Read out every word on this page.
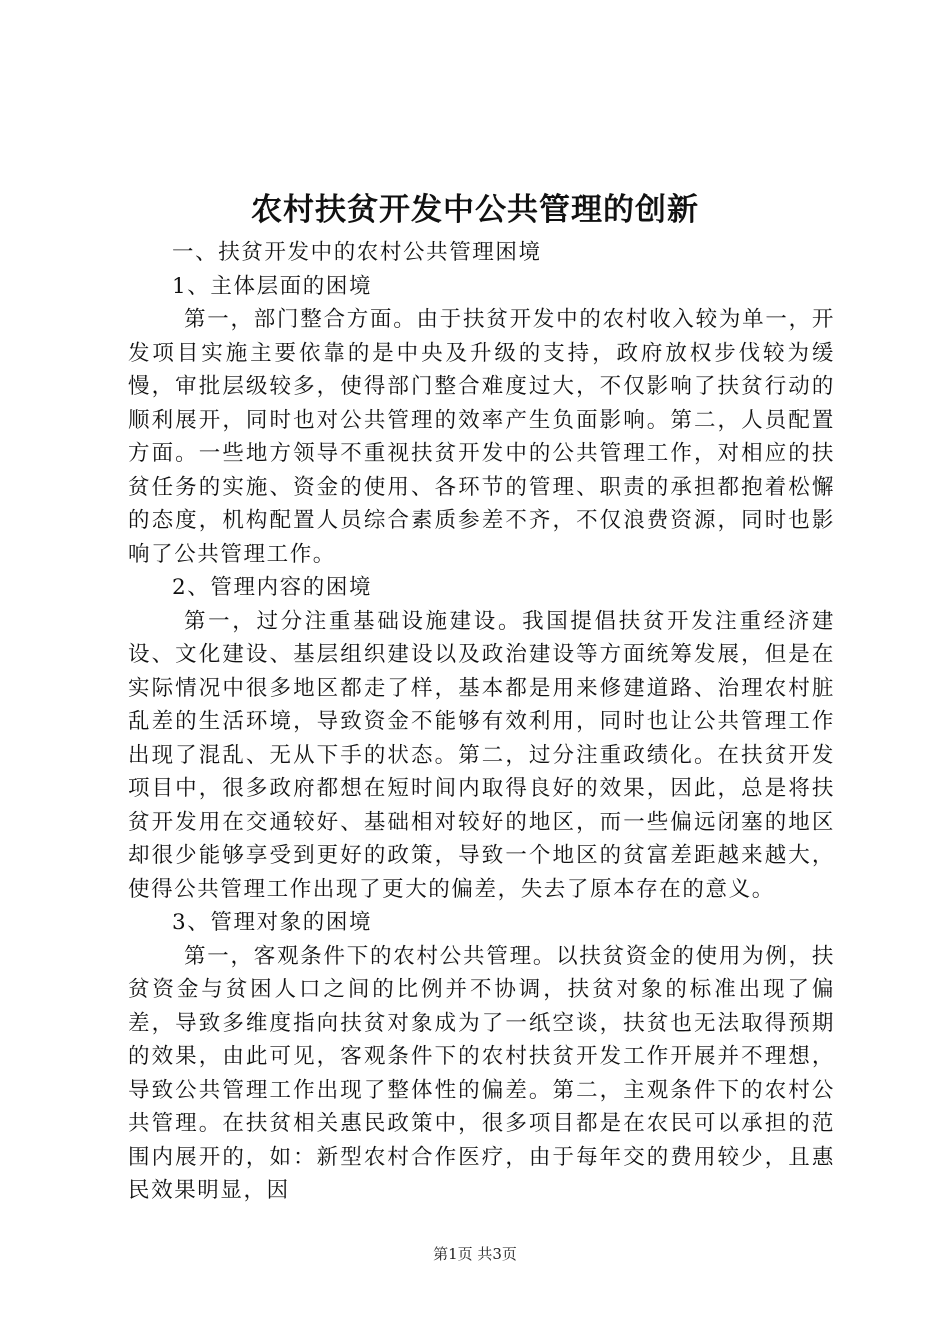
农村扶贫开发中公共管理的创新

一、扶贫开发中的农村公共管理困境

1、主体层面的困境

第一，部门整合方面。由于扶贫开发中的农村收入较为单一，开发项目实施主要依靠的是中央及升级的支持，政府放权步伐较为缓慢，审批层级较多，使得部门整合难度过大，不仅影响了扶贫行动的顺利展开，同时也对公共管理的效率产生负面影响。第二，人员配置方面。一些地方领导不重视扶贫开发中的公共管理工作，对相应的扶贫任务的实施、资金的使用、各环节的管理、职责的承担都抱着松懈的态度，机构配置人员综合素质参差不齐，不仅浪费资源，同时也影响了公共管理工作。

2、管理内容的困境

第一，过分注重基础设施建设。我国提倡扶贫开发注重经济建设、文化建设、基层组织建设以及政治建设等方面统筹发展，但是在实际情况中很多地区都走了样，基本都是用来修建道路、治理农村脏乱差的生活环境，导致资金不能够有效利用，同时也让公共管理工作出现了混乱、无从下手的状态。第二，过分注重政绩化。在扶贫开发项目中，很多政府都想在短时间内取得良好的效果，因此，总是将扶贫开发用在交通较好、基础相对较好的地区，而一些偏远闭塞的地区却很少能够享受到更好的政策，导致一个地区的贫富差距越来越大，使得公共管理工作出现了更大的偏差，失去了原本存在的意义。

3、管理对象的困境

第一，客观条件下的农村公共管理。以扶贫资金的使用为例，扶贫资金与贫困人口之间的比例并不协调，扶贫对象的标准出现了偏差，导致多维度指向扶贫对象成为了一纸空谈，扶贫也无法取得预期的效果，由此可见，客观条件下的农村扶贫开发工作开展并不理想，导致公共管理工作出现了整体性的偏差。第二，主观条件下的农村公共管理。在扶贫相关惠民政策中，很多项目都是在农民可以承担的范围内展开的，如：新型农村合作医疗，由于每年交的费用较少，且惠民效果明显，因

第1页 共3页
